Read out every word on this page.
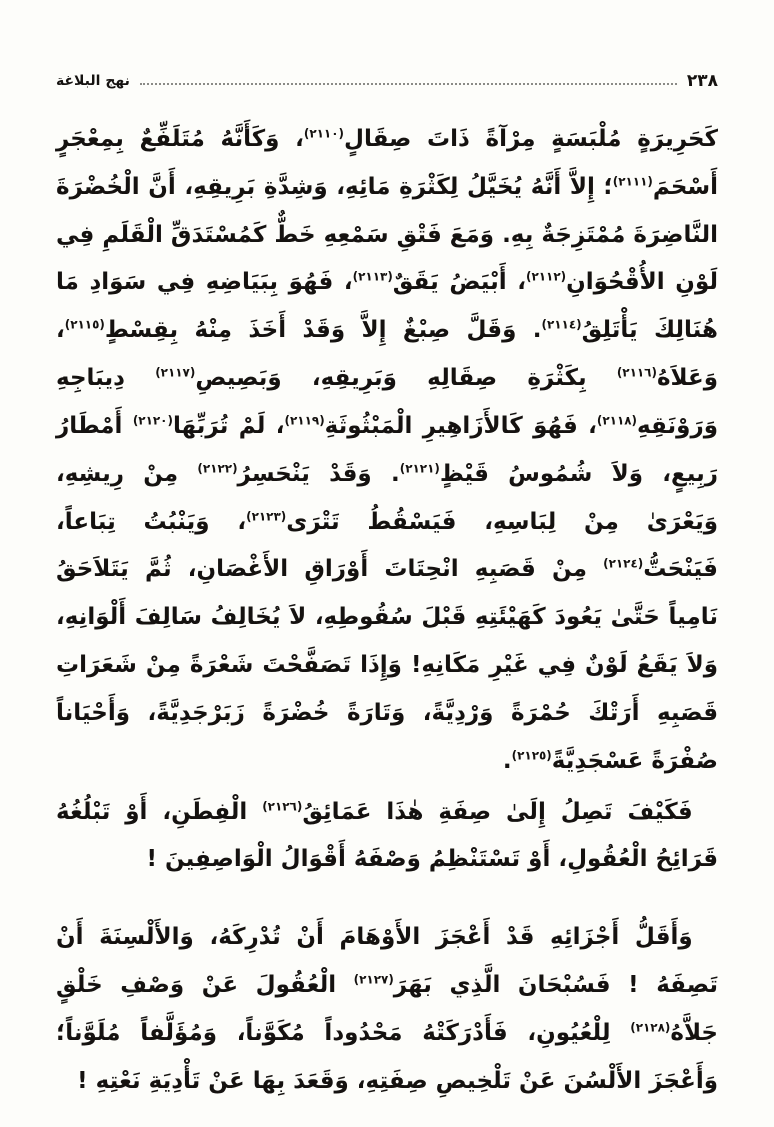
٢٣٨
نهج البلاغة

كَحَرِيرَةٍ مُلْبَسَةٍ مِرْآةً ذَاتَ صِقَالٍ$^{(٢١١٠)}$، وَكَأَنَّهُ مُتَلَفِّعٌ بِمِعْجَرٍ أَسْحَمَ$^{(٢١١١)}$؛ إِلاَّ أَنَّهُ يُخَيَّلُ لِكَثْرَةِ مَائِهِ، وَشِدَّةِ بَرِيقِهِ، أَنَّ الْخُضْرَةَ النَّاضِرَةَ مُمْتَزِجَةٌ بِهِ. وَمَعَ فَتْقِ سَمْعِهِ خَطٌّ كَمُسْتَدَقِّ الْقَلَمِ فِي لَوْنِ الأُقْحُوَانِ$^{(٢١١٢)}$، أَبْيَضُ يَقَقٌ$^{(٢١١٣)}$، فَهُوَ بِبَيَاضِهِ فِي سَوَادِ مَا هُنَالِكَ يَأْتَلِقُ$^{(٢١١٤)}$. وَقَلَّ صِبْغٌ إِلاَّ وَقَدْ أَخَذَ مِنْهُ بِقِسْطٍ$^{(٢١١٥)}$، وَعَلاَهُ$^{(٢١١٦)}$ بِكَثْرَةِ صِقَالِهِ وَبَرِيقِهِ، وَبَصِيصِ$^{(٢١١٧)}$ دِيبَاجِهِ وَرَوْنَقِهِ$^{(٢١١٨)}$، فَهُوَ كَالأَزَاهِيرِ الْمَبْثُوثَةِ$^{(٢١١٩)}$، لَمْ تُرَبِّهَا$^{(٢١٢٠)}$ أَمْطَارُ رَبِيعٍ، وَلاَ شُمُوسُ قَيْظٍ$^{(٢١٢١)}$. وَقَدْ يَنْحَسِرُ$^{(٢١٢٢)}$ مِنْ رِيشِهِ، وَيَعْرَىٰ مِنْ لِبَاسِهِ، فَيَسْقُطُ تَتْرَى$^{(٢١٢٣)}$، وَيَنْبُتُ تِبَاعاً، فَيَنْحَتُّ$^{(٢١٢٤)}$ مِنْ قَصَبِهِ انْحِتَاتَ أَوْرَاقِ الأَغْصَانِ، ثُمَّ يَتَلاَحَقُ نَامِياً حَتَّىٰ يَعُودَ كَهَيْئَتِهِ قَبْلَ سُقُوطِهِ، لاَ يُخَالِفُ سَالِفَ أَلْوَانِهِ، وَلاَ يَقَعُ لَوْنٌ فِي غَيْرِ مَكَانِهِ! وَإِذَا تَصَفَّحْتَ شَعْرَةً مِنْ شَعَرَاتِ قَصَبِهِ أَرَتْكَ حُمْرَةً وَرْدِيَّةً، وَتَارَةً خُضْرَةً زَبَرْجَدِيَّةً، وَأَحْيَاناً صُفْرَةً عَسْجَدِيَّةً$^{(٢١٢٥)}$.

فَكَيْفَ تَصِلُ إِلَىٰ صِفَةِ هٰذَا عَمَائِقُ$^{(٢١٢٦)}$ الْفِطَنِ، أَوْ تَبْلُغُهُ قَرَائِحُ الْعُقُولِ، أَوْ تَسْتَنْظِمُ وَصْفَهُ أَقْوَالُ الْوَاصِفِينَ !

وَأَقَلُّ أَجْزَائِهِ قَدْ أَعْجَزَ الأَوْهَامَ أَنْ تُدْرِكَهُ، وَالأَلْسِنَةَ أَنْ تَصِفَهُ ! فَسُبْحَانَ الَّذِي بَهَرَ$^{(٢١٢٧)}$ الْعُقُولَ عَنْ وَصْفِ خَلْقٍ جَلاَّهُ$^{(٢١٢٨)}$ لِلْعُيُونِ، فَأَدْرَكَتْهُ مَحْدُوداً مُكَوَّناً، وَمُؤَلَّفاً مُلَوَّناً؛ وَأَعْجَزَ الأَلْسُنَ عَنْ تَلْخِيصِ صِفَتِهِ، وَقَعَدَ بِهَا عَنْ تَأْدِيَةِ نَعْتِهِ !
